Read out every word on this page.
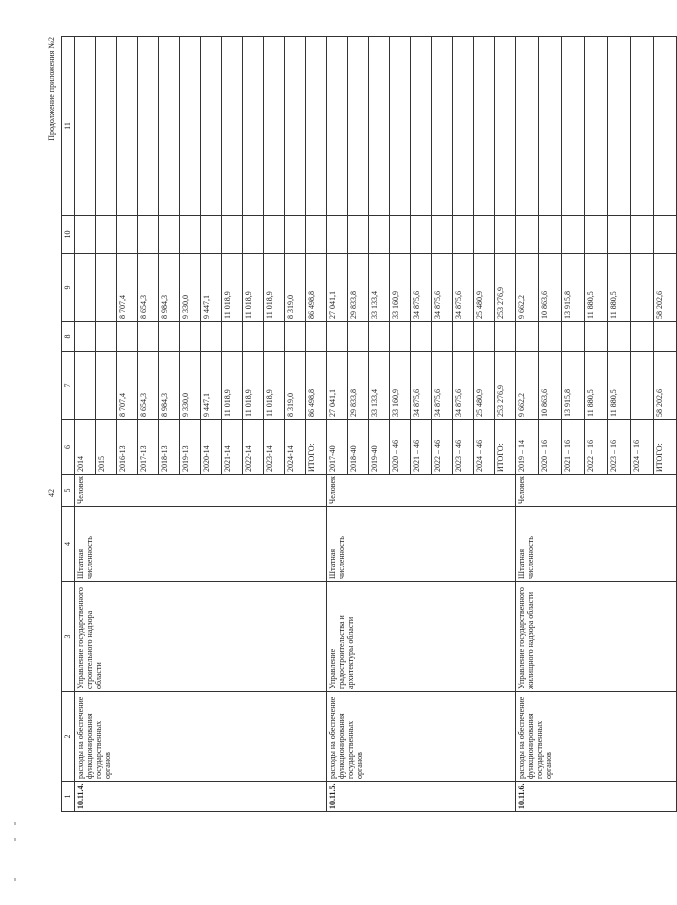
42
Продолжение приложения №2
1	2	3	4	5	6	7	8	9	10	11
10.11.4.	расходы на обеспечение функционирования государственных органов	Управление государственного строительного надзора области	Штатная численность	Человек	2014					
					2015					
					2016-13	8 707,4		8 707,4		
					2017-13	8 654,3		8 654,3		
					2018-13	8 984,3		8 984,3		
					2019-13	9 330,0		9 330,0		
					2020-14	9 447,1		9 447,1		
					2021-14	11 018,9		11 018,9		
					2022-14	11 018,9		11 018,9		
					2023-14	11 018,9		11 018,9		
					2024-14	8 319,0		8 319,0		
					ИТОГО:	86 498,8		86 498,8		
10.11.5.	расходы на обеспечение функционирования государственных органов	Управление градостроительства и архитектуры области	Штатная численность	Человек	2017-40	27 041,1		27 041,1		
					2018-40	29 833,8		29 833,8		
					2019-40	33 133,4		33 133,4		
					2020 – 46	33 160,9		33 160,9		
					2021 – 46	34 875,6		34 875,6		
					2022 – 46	34 875,6		34 875,6		
					2023 – 46	34 875,6		34 875,6		
					2024 – 46	25 480,9		25 480,9		
					ИТОГО:	253 276,9		253 276,9		
10.11.6.	расходы на обеспечение функционирования государственных органов	Управление государственного жилищного надзора области	Штатная численность	Человек	2019 – 14	9 662,2		9 662,2		
					2020 – 16	10 863,6		10 863,6		
					2021 – 16	13 915,8		13 915,8		
					2022 – 16	11 880,5		11 880,5		
					2023 – 16	11 880,5		11 880,5		
					2024 – 16					
					ИТОГО:	58 202,6		58 202,6		
